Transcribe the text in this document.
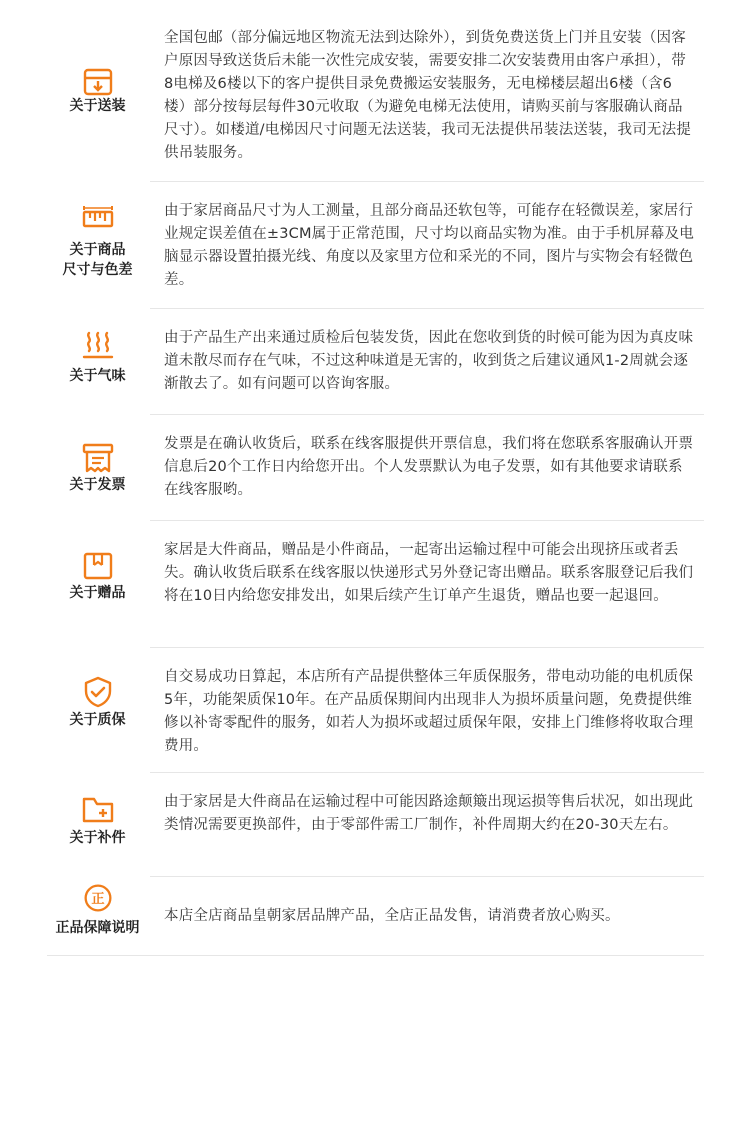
关于送装

全国包邮（部分偏远地区物流无法到达除外），到货免费送货上门并且安装（因客户原因导致送货后未能一次性完成安装，需要安排二次安装费用由客户承担），带8电梯及6楼以下的客户提供目录免费搬运安装服务，无电梯楼层超出6楼（含6楼）部分按每层每件30元收取（为避免电梯无法使用，请购买前与客服确认商品尺寸）。如楼道/电梯因尺寸问题无法送装，我司无法提供吊装法送装，我司无法提供吊装服务。

关于商品
尺寸与色差

由于家居商品尺寸为人工测量，且部分商品还软包等，可能存在轻微误差，家居行业规定误差值在±3CM属于正常范围，尺寸均以商品实物为准。由于手机屏幕及电脑显示器设置拍摄光线、角度以及家里方位和采光的不同，图片与实物会有轻微色差。

关于气味

由于产品生产出来通过质检后包装发货，因此在您收到货的时候可能为因为真皮味道未散尽而存在气味，不过这种味道是无害的，收到货之后建议通风1-2周就会逐渐散去了。如有问题可以咨询客服。

关于发票

发票是在确认收货后，联系在线客服提供开票信息，我们将在您联系客服确认开票信息后20个工作日内给您开出。个人发票默认为电子发票，如有其他要求请联系在线客服哟。

关于赠品

家居是大件商品，赠品是小件商品，一起寄出运输过程中可能会出现挤压或者丢失。确认收货后联系在线客服以快递形式另外登记寄出赠品。联系客服登记后我们将在10日内给您安排发出，如果后续产生订单产生退货，赠品也要一起退回。

关于质保

自交易成功日算起，本店所有产品提供整体三年质保服务，带电动功能的电机质保5年，功能架质保10年。在产品质保期间内出现非人为损坏质量问题，免费提供维修以补寄零配件的服务，如若人为损坏或超过质保年限，安排上门维修将收取合理费用。

关于补件

由于家居是大件商品在运输过程中可能因路途颠簸出现运损等售后状况，如出现此类情况需要更换部件，由于零部件需工厂制作，补件周期大约在20-30天左右。

正
正品保障说明

本店全店商品皇朝家居品牌产品，全店正品发售，请消费者放心购买。
